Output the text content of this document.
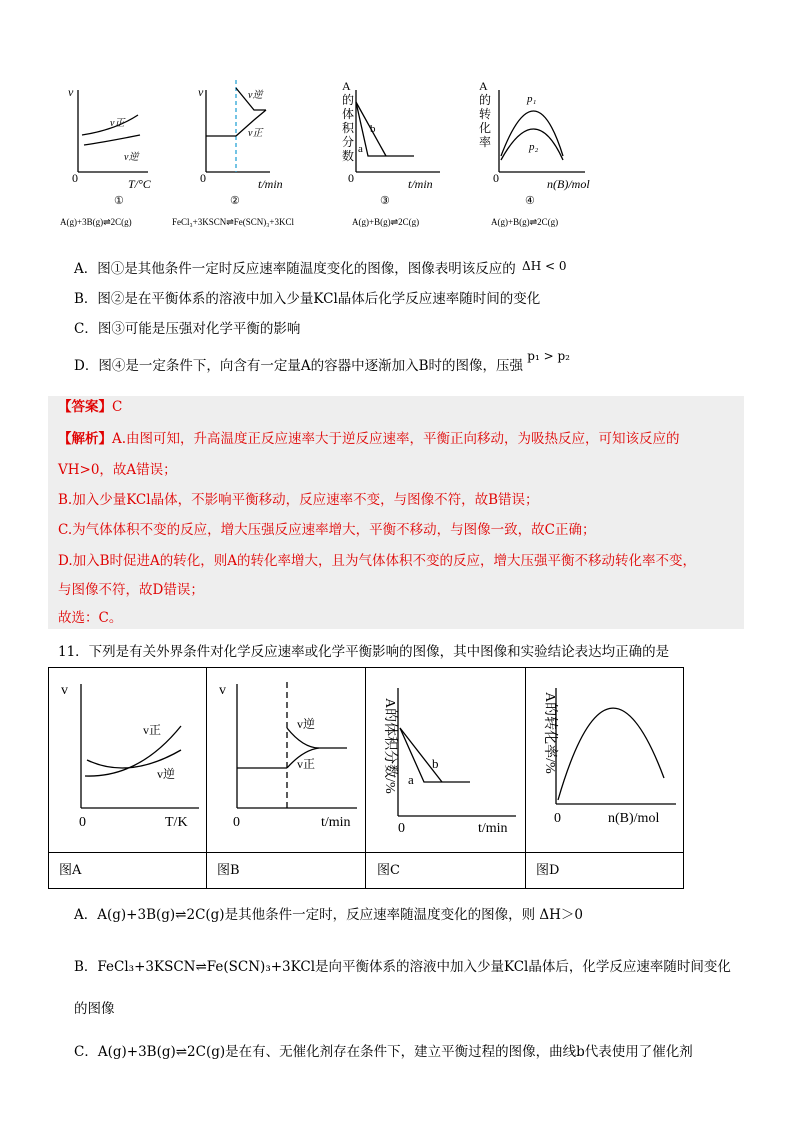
v
0	T/°C
v正
v逆
①
A(g)+3B(g)⇌2C(g)
v
0	t/min
v逆
v正
②
FeCl₃+3KSCN⇌Fe(SCN)₃+3KCl
A
的
体
积
分
数
b
a
0	t/min
③
A(g)+B(g)⇌2C(g)
A
的
转
化
率
p₁
p₂
0	n(B)/mol
④
A(g)+B(g)⇌2C(g)
A．图①是其他条件一定时反应速率随温度变化的图像，图像表明该反应的 ΔH < 0
B．图②是在平衡体系的溶液中加入少量KCl晶体后化学反应速率随时间的变化
C．图③可能是压强对化学平衡的影响
D．图④是一定条件下，向含有一定量A的容器中逐渐加入B时的图像，压强 p₁ > p₂
【答案】C
【解析】A.由图可知，升高温度正反应速率大于逆反应速率，平衡正向移动，为吸热反应，可知该反应的
VH>0，故A错误；
B.加入少量KCl晶体，不影响平衡移动，反应速率不变，与图像不符，故B错误；
C.为气体体积不变的反应，增大压强反应速率增大，平衡不移动，与图像一致，故C正确；
D.加入B时促进A的转化，则A的转化率增大，且为气体体积不变的反应，增大压强平衡不移动转化率不变，
与图像不符，故D错误；
故选：C。
11．下列是有关外界条件对化学反应速率或化学平衡影响的图像，其中图像和实验结论表达均正确的是
v
0	T/K
v正
v逆
图A
v
0	t/min
v逆
v正
图B
A的体积分数/%
0	t/min
b
a
图C
A的转化率/%
0	n(B)/mol
图D
A．A(g)+3B(g)⇌2C(g)是其他条件一定时，反应速率随温度变化的图像，则 ΔH＞0
B．FeCl₃+3KSCN⇌Fe(SCN)₃+3KCl是向平衡体系的溶液中加入少量KCl晶体后，化学反应速率随时间变化
的图像
C．A(g)+3B(g)⇌2C(g)是在有、无催化剂存在条件下，建立平衡过程的图像，曲线b代表使用了催化剂
